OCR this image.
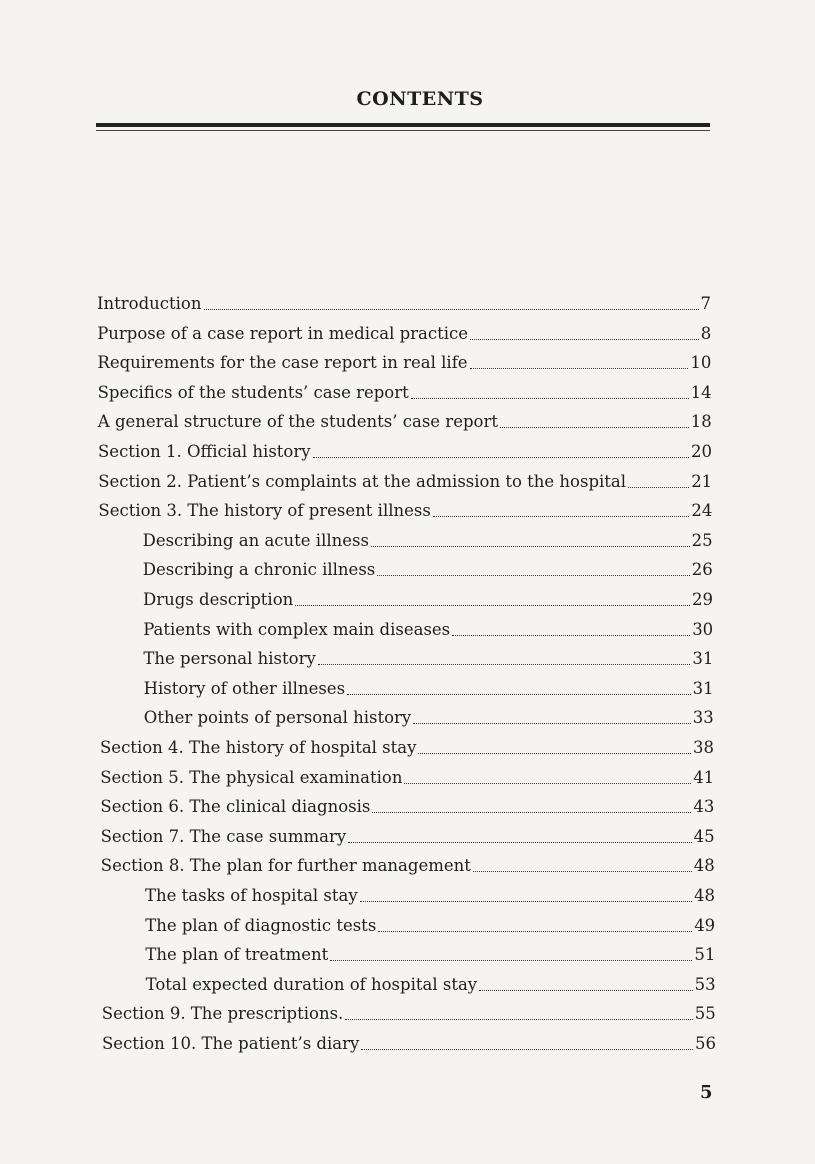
CONTENTS
Introduction	7
Purpose of a case report in medical practice	8
Requirements for the case report in real life	10
Specifics of the students’ case report	14
A general structure of the students’ case report	18
Section 1. Official history	20
Section 2. Patient’s complaints at the admission to the hospital	21
Section 3. The history of present illness	24
Describing an acute illness	25
Describing a chronic illness	26
Drugs description	29
Patients with complex main diseases	30
The personal history	31
History of other illneses	31
Other points of personal history	33
Section 4. The history of hospital stay	38
Section 5. The physical examination	41
Section 6. The clinical diagnosis	43
Section 7. The case summary	45
Section 8. The plan for further management	48
The tasks of hospital stay	48
The plan of diagnostic tests	49
The plan of treatment	51
Total expected duration of hospital stay	53
Section 9. The prescriptions.	55
Section 10. The patient’s diary	56
5
